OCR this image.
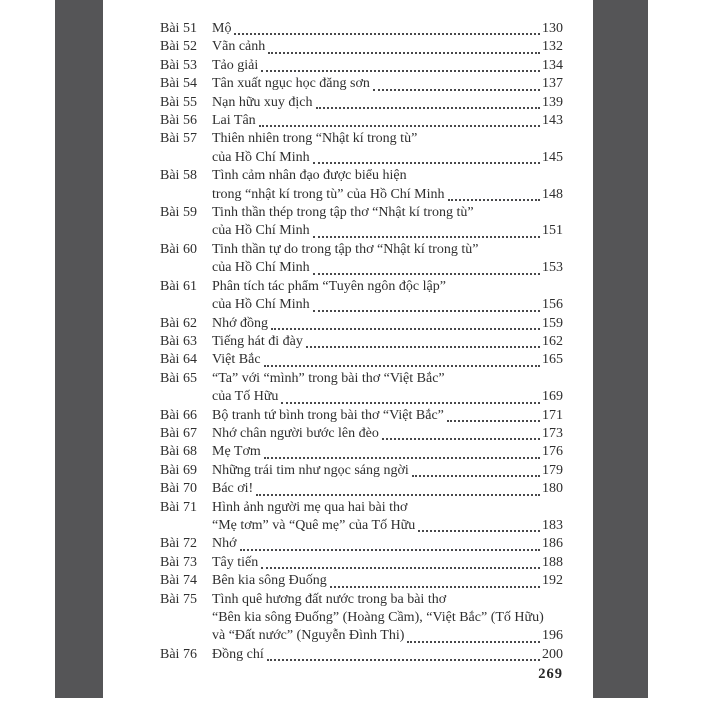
Bài 51	Mộ	130
Bài 52	Vãn cảnh	132
Bài 53	Tảo giải	134
Bài 54	Tân xuất ngục học đăng sơn	137
Bài 55	Nạn hữu xuy địch	139
Bài 56	Lai Tân	143
Bài 57	Thiên nhiên trong “Nhật kí trong tù”
của Hồ Chí Minh	145
Bài 58	Tình cảm nhân đạo được biểu hiện
trong “nhật kí trong tù” của Hồ Chí Minh	148
Bài 59	Tinh thần thép trong tập thơ “Nhật kí trong tù”
của Hồ Chí Minh	151
Bài 60	Tinh thần tự do trong tập thơ “Nhật kí trong tù”
của Hồ Chí Minh	153
Bài 61	Phân tích tác phẩm “Tuyên ngôn độc lập”
của Hồ Chí Minh	156
Bài 62	Nhớ đồng	159
Bài 63	Tiếng hát đi đày	162
Bài 64	Việt Bắc	165
Bài 65	“Ta” với “mình” trong bài thơ “Việt Bắc”
của Tố Hữu	169
Bài 66	Bộ tranh tứ bình trong bài thơ “Việt Bắc”	171
Bài 67	Nhớ chân người bước lên đèo	173
Bài 68	Mẹ Tơm	176
Bài 69	Những trái tim như ngọc sáng ngời	179
Bài 70	Bác ơi!	180
Bài 71	Hình ảnh người mẹ qua hai bài thơ
“Mẹ tơm” và “Quê mẹ” của Tố Hữu	183
Bài 72	Nhớ	186
Bài 73	Tây tiến	188
Bài 74	Bên kia sông Đuống	192
Bài 75	Tình quê hương đất nước trong ba bài thơ
“Bên kia sông Đuống” (Hoàng Cầm), “Việt Bắc” (Tố Hữu)
và “Đất nước” (Nguyễn Đình Thi)	196
Bài 76	Đồng chí	200
269
